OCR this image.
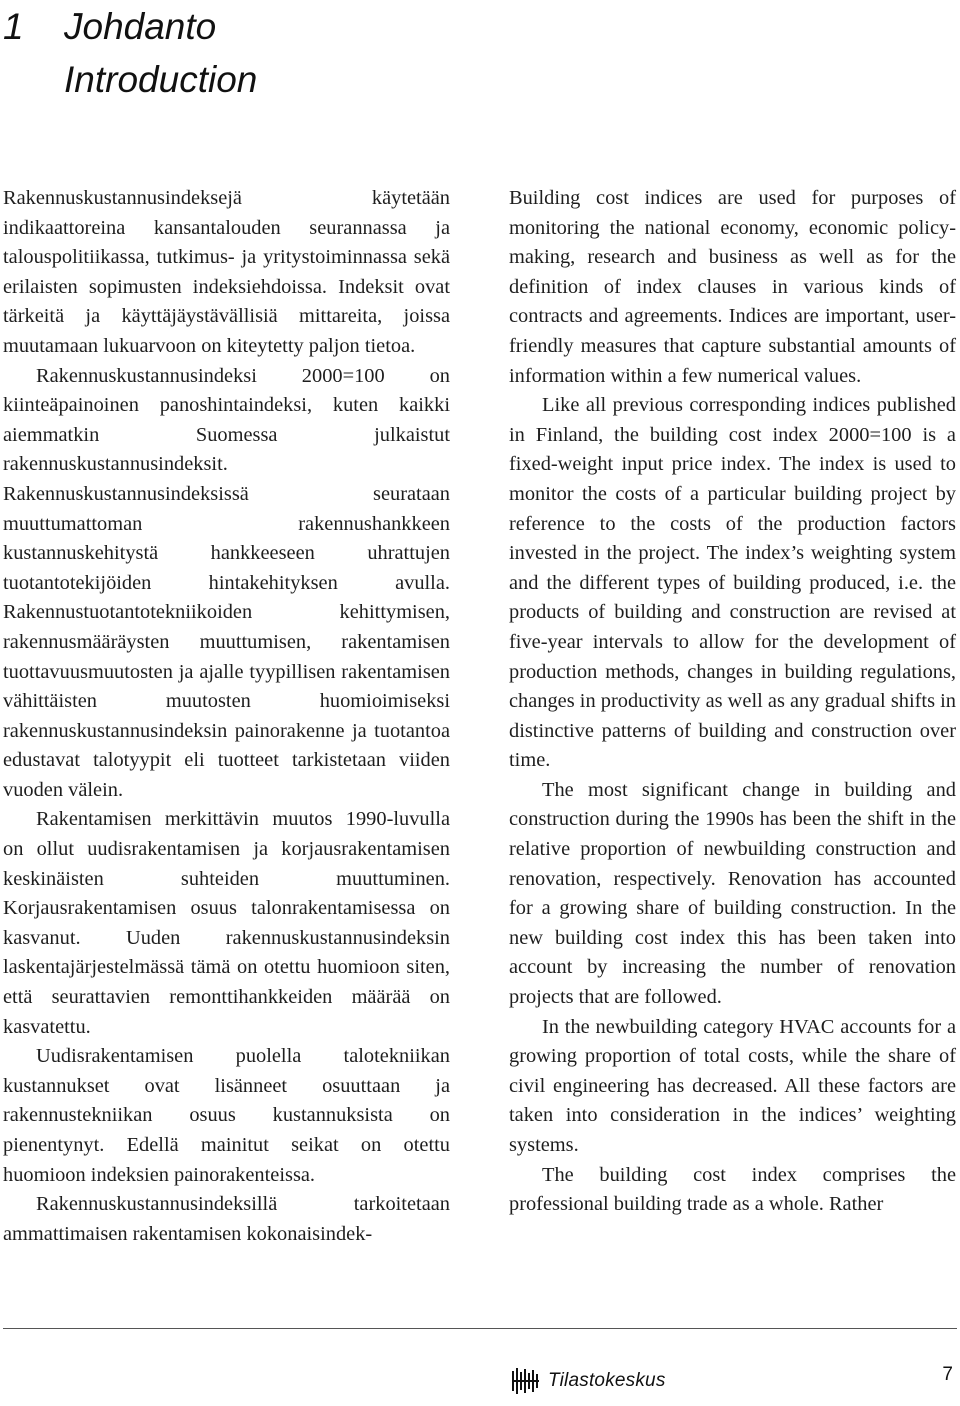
1	Johdanto
Introduction

Rakennuskustannusindeksejä käytetään indikaattoreina kansantalouden seurannassa ja talouspolitiikassa, tutkimus- ja yritystoiminnassa sekä erilaisten sopimusten indeksiehdoissa. Indeksit ovat tärkeitä ja käyttäjäystävällisiä mittareita, joissa muutamaan lukuarvoon on kiteytetty paljon tietoa.

Rakennuskustannusindeksi 2000=100 on kiinteäpainoinen panoshintaindeksi, kuten kaikki aiemmatkin Suomessa julkaistut rakennuskustannusindeksit. Rakennuskustannusindeksissä seurataan muuttumattoman rakennushankkeen kustannuskehitystä hankkeeseen uhrattujen tuotantotekijöiden hintakehityksen avulla. Rakennustuotantotekniikoiden kehittymisen, rakennusmääräysten muuttumisen, rakentamisen tuottavuusmuutosten ja ajalle tyypillisen rakentamisen vähittäisten muutosten huomioimiseksi rakennuskustannusindeksin painorakenne ja tuotantoa edustavat talotyypit eli tuotteet tarkistetaan viiden vuoden välein.

Rakentamisen merkittävin muutos 1990-luvulla on ollut uudisrakentamisen ja korjausrakentamisen keskinäisten suhteiden muuttuminen. Korjausrakentamisen osuus talonrakentamisessa on kasvanut. Uuden rakennuskustannusindeksin laskentajärjestelmässä tämä on otettu huomioon siten, että seurattavien remonttihankkeiden määrää on kasvatettu.

Uudisrakentamisen puolella talotekniikan kustannukset ovat lisänneet osuuttaan ja rakennustekniikan osuus kustannuksista on pienentynyt. Edellä mainitut seikat on otettu huomioon indeksien painorakenteissa.

Rakennuskustannusindeksillä tarkoitetaan ammattimaisen rakentamisen kokonaisindek-

Building cost indices are used for purposes of monitoring the national economy, economic policy-making, research and business as well as for the definition of index clauses in various kinds of contracts and agreements. Indices are important, user-friendly measures that capture substantial amounts of information within a few numerical values.

Like all previous corresponding indices published in Finland, the building cost index 2000=100 is a fixed-weight input price index. The index is used to monitor the costs of a particular building project by reference to the costs of the production factors invested in the project. The index’s weighting system and the different types of building produced, i.e. the products of building and construction are revised at five-year intervals to allow for the development of production methods, changes in building regulations, changes in productivity as well as any gradual shifts in distinctive patterns of building and construction over time.

The most significant change in building and construction during the 1990s has been the shift in the relative proportion of newbuilding construction and renovation, respectively. Renovation has accounted for a growing share of building construction. In the new building cost index this has been taken into account by increasing the number of renovation projects that are followed.

In the newbuilding category HVAC accounts for a growing proportion of total costs, while the share of civil engineering has decreased. All these factors are taken into consideration in the indices’ weighting systems.

The building cost index comprises the professional building trade as a whole. Rather

Tilastokeskus	7
